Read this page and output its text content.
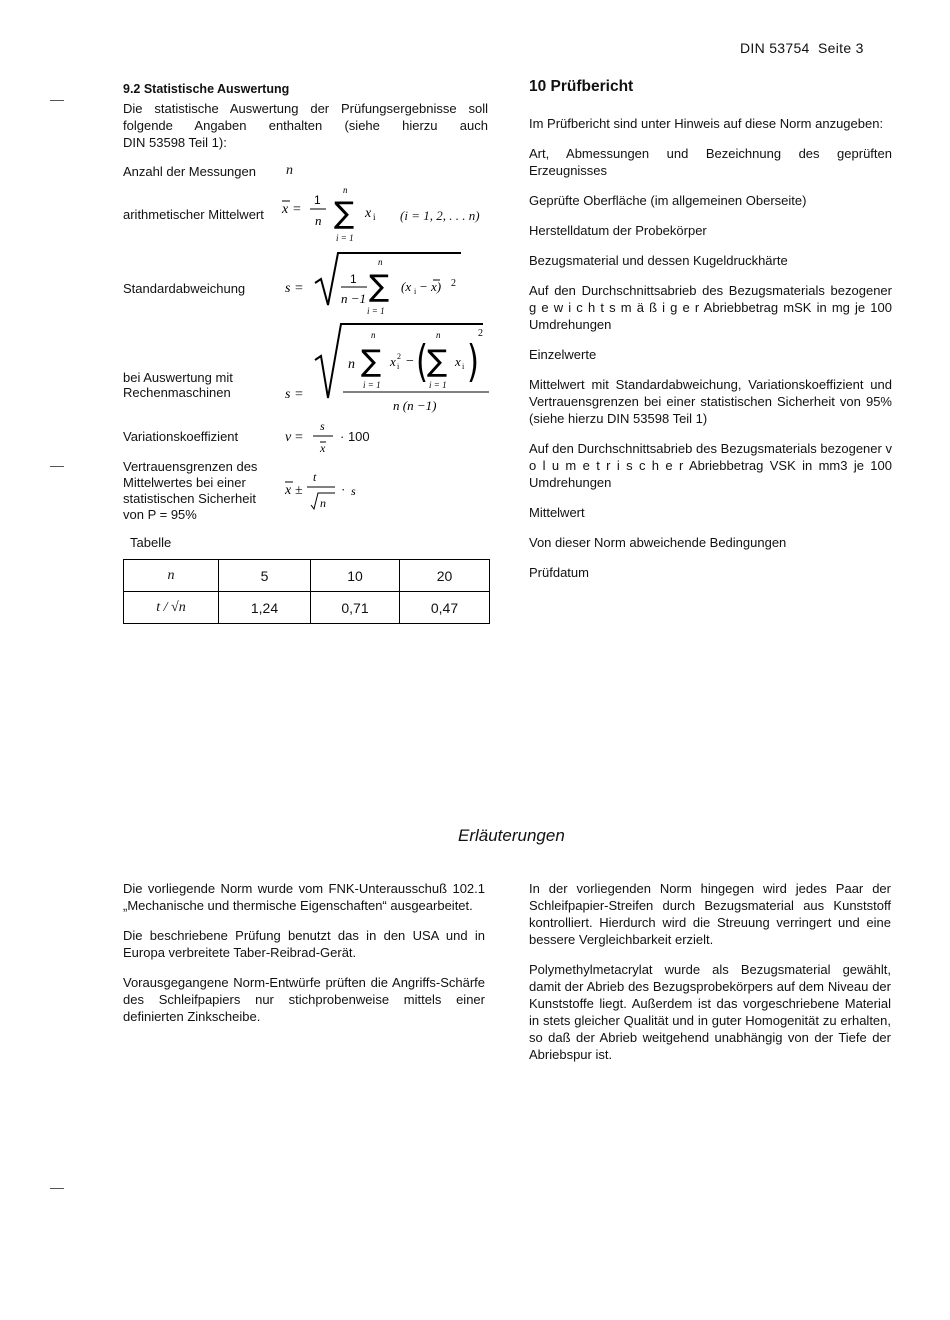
DIN 53754 Seite 3
9.2 Statistische Auswertung
Die statistische Auswertung der Prüfungsergebnisse soll
folgende Angaben enthalten (siehe hierzu auch
DIN 53598 Teil 1):
Anzahl der Messungen n
arithmetischer Mittelwert x =
1
n
n
∑
i = 1
x i (i = 1, 2, . . . n)
Standardabweichung	s =
1
n −1
n
∑
i = 1
(x i − x) 2
bei Auswertung mit
Rechenmaschinen	s =
2
n
n ∑
i = 1
x 2
i − (
n
∑
i = 1
x i )
n (n −1)
Variationskoeffizient	v =
s
x
· 100
Vertrauensgrenzen des
Mittelwertes bei einer
statistischen Sicherheit
von P = 95%
x ±
t
n
· s
Tabelle
n	5	10	20
t / √n	1,24	0,71	0,47
10 Prüfbericht

Im Prüfbericht sind unter Hinweis auf diese Norm anzugeben:

Art, Abmessungen und Bezeichnung des geprüften Erzeugnisses

Geprüfte Oberfläche (im allgemeinen Oberseite)

Herstelldatum der Probekörper

Bezugsmaterial und dessen Kugeldruckhärte

Auf den Durchschnittsabrieb des Bezugsmaterials bezogener g e w i c h t s m ä ß i g e r Abriebbetrag mSK in mg je 100 Umdrehungen

Einzelwerte

Mittelwert mit Standardabweichung, Variationskoeffizient und Vertrauensgrenzen bei einer statistischen Sicherheit von 95% (siehe hierzu DIN 53598 Teil 1)

Auf den Durchschnittsabrieb des Bezugsmaterials bezogener v o l u m e t r i s c h e r Abriebbetrag VSK in mm3 je 100 Umdrehungen

Mittelwert

Von dieser Norm abweichende Bedingungen

Prüfdatum

Erläuterungen

Die vorliegende Norm wurde vom FNK-Unterausschuß 102.1 „Mechanische und thermische Eigenschaften“ ausgearbeitet.

Die beschriebene Prüfung benutzt das in den USA und in Europa verbreitete Taber-Reibrad-Gerät.

Vorausgegangene Norm-Entwürfe prüften die Angriffs-Schärfe des Schleifpapiers nur stichprobenweise mittels einer definierten Zinkscheibe.

In der vorliegenden Norm hingegen wird jedes Paar der Schleifpapier-Streifen durch Bezugsmaterial aus Kunststoff kontrolliert. Hierdurch wird die Streuung verringert und eine bessere Vergleichbarkeit erzielt.

Polymethylmetacrylat wurde als Bezugsmaterial gewählt, damit der Abrieb des Bezugsprobekörpers auf dem Niveau der Kunststoffe liegt. Außerdem ist das vorgeschriebene Material in stets gleicher Qualität und in guter Homogenität zu erhalten, so daß der Abrieb weitgehend unabhängig von der Tiefe der Abriebspur ist.
